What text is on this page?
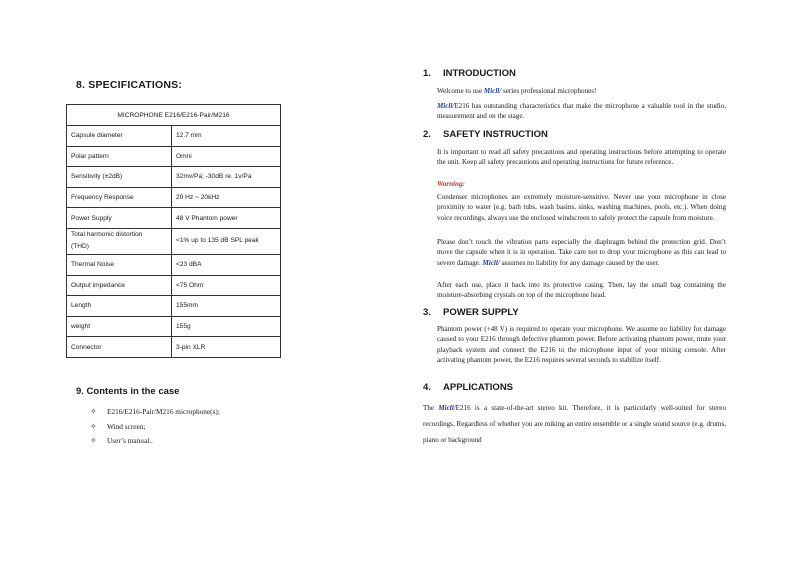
8. SPECIFICATIONS:
MICROPHONE E216/E216-Pair/M216	
Capsule diameter	12.7 mm
Polar pattern	Omni
Sensitivity (±2dB)	32mv/Pa; -30dB re. 1v/Pa
Frequency Response	20 Hz ~ 20kHz
Power Supply	48 V Phantom power

Total harmonic distortion
(THD)	<1% up to 135 dB SPL peak
Thermal Noise	<23 dBA
Output impedance	<75 Ohm
Length	155mm
weight	155g
Connector	3-pin XLR
9. Contents in the case
✧ E216/E216-Pair/M216 microphone(s);
✧ Wind screen;
✧ User’s manual..
1. INTRODUCTION

Welcome to use Micll/ series professional microphones!

Micll/E216 has outstanding characteristics that make the microphone a valuable tool in the studio, measurement and on the stage.

2. SAFETY INSTRUCTION

It is important to read all safety precautions and operating instructions before attempting to operate the unit. Keep all safety precautions and operating instructions for future reference.

Warning:

Condenser microphones are extremely moisture-sensitive. Never use your microphone in close proximity to water (e.g. bath tubs, wash basins, sinks, washing machines, pools, etc.). When doing voice recordings, always use the enclosed windscreen to safely protect the capsule from moisture.

Please don’t touch the vibration parts especially the diaphragm behind the protection grid. Don’t move the capsule when it is in operation. Take care not to drop your microphone as this can lead to severe damage. Micll/ assumes no liability for any damage caused by the user.

After each use, place it back into its protective casing. Then, lay the small bag containing the moisture-absorbing crystals on top of the microphone head.

3. POWER SUPPLY

Phantom power (+48 V) is required to operate your microphone. We assume no liability for damage caused to your E216 through defective phantom power. Before activating phantom power, mute your playback system and connect the E216 to the microphone input of your mixing console. After activating phantom power, the E216 requires several seconds to stabilize itself.

4. APPLICATIONS

The Micll/E216 is a state-of-the-art stereo kit. Therefore, it is particularly well-suited for stereo recordings. Regardless of whether you are miking an entire ensemble or a single sound source (e.g. drums, piano or background
